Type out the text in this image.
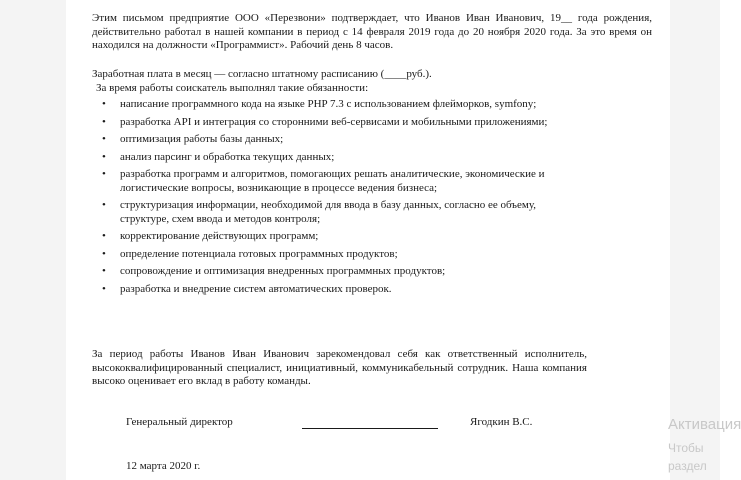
Этим письмом предприятие ООО «Перезвони» подтверждает, что Иванов Иван Иванович, 19__ года рождения, действительно работал в нашей компании в период с 14 февраля 2019 года до 20 ноября 2020 года. За это время он находился на должности «Программист». Рабочий день 8 часов.
Заработная плата в месяц — согласно штатному расписанию (____руб.).
За время работы соискатель выполнял такие обязанности:
• написание программного кода на языке PHP 7.3 с использованием флейморков, symfony;
• разработка API и интеграция со сторонними веб-сервисами и мобильными приложениями;
• оптимизация работы базы данных;
• анализ парсинг и обработка текущих данных;
• разработка программ и алгоритмов, помогающих решать аналитические, экономические и логистические вопросы, возникающие в процессе ведения бизнеса;
• структуризация информации, необходимой для ввода в базу данных, согласно ее объему, структуре, схем ввода и методов контроля;
• корректирование действующих программ;
• определение потенциала готовых программных продуктов;
• сопровождение и оптимизация внедренных программных продуктов;
• разработка и внедрение систем автоматических проверок.
За период работы Иванов Иван Иванович зарекомендовал себя как ответственный исполнитель, высококвалифицированный специалист, инициативный, коммуникабельный сотрудник. Наша компания высоко оценивает его вклад в работу команды.
Генеральный директор	Ягодкин В.С.
12 марта 2020 г.
Активация
Чтобы
раздел
